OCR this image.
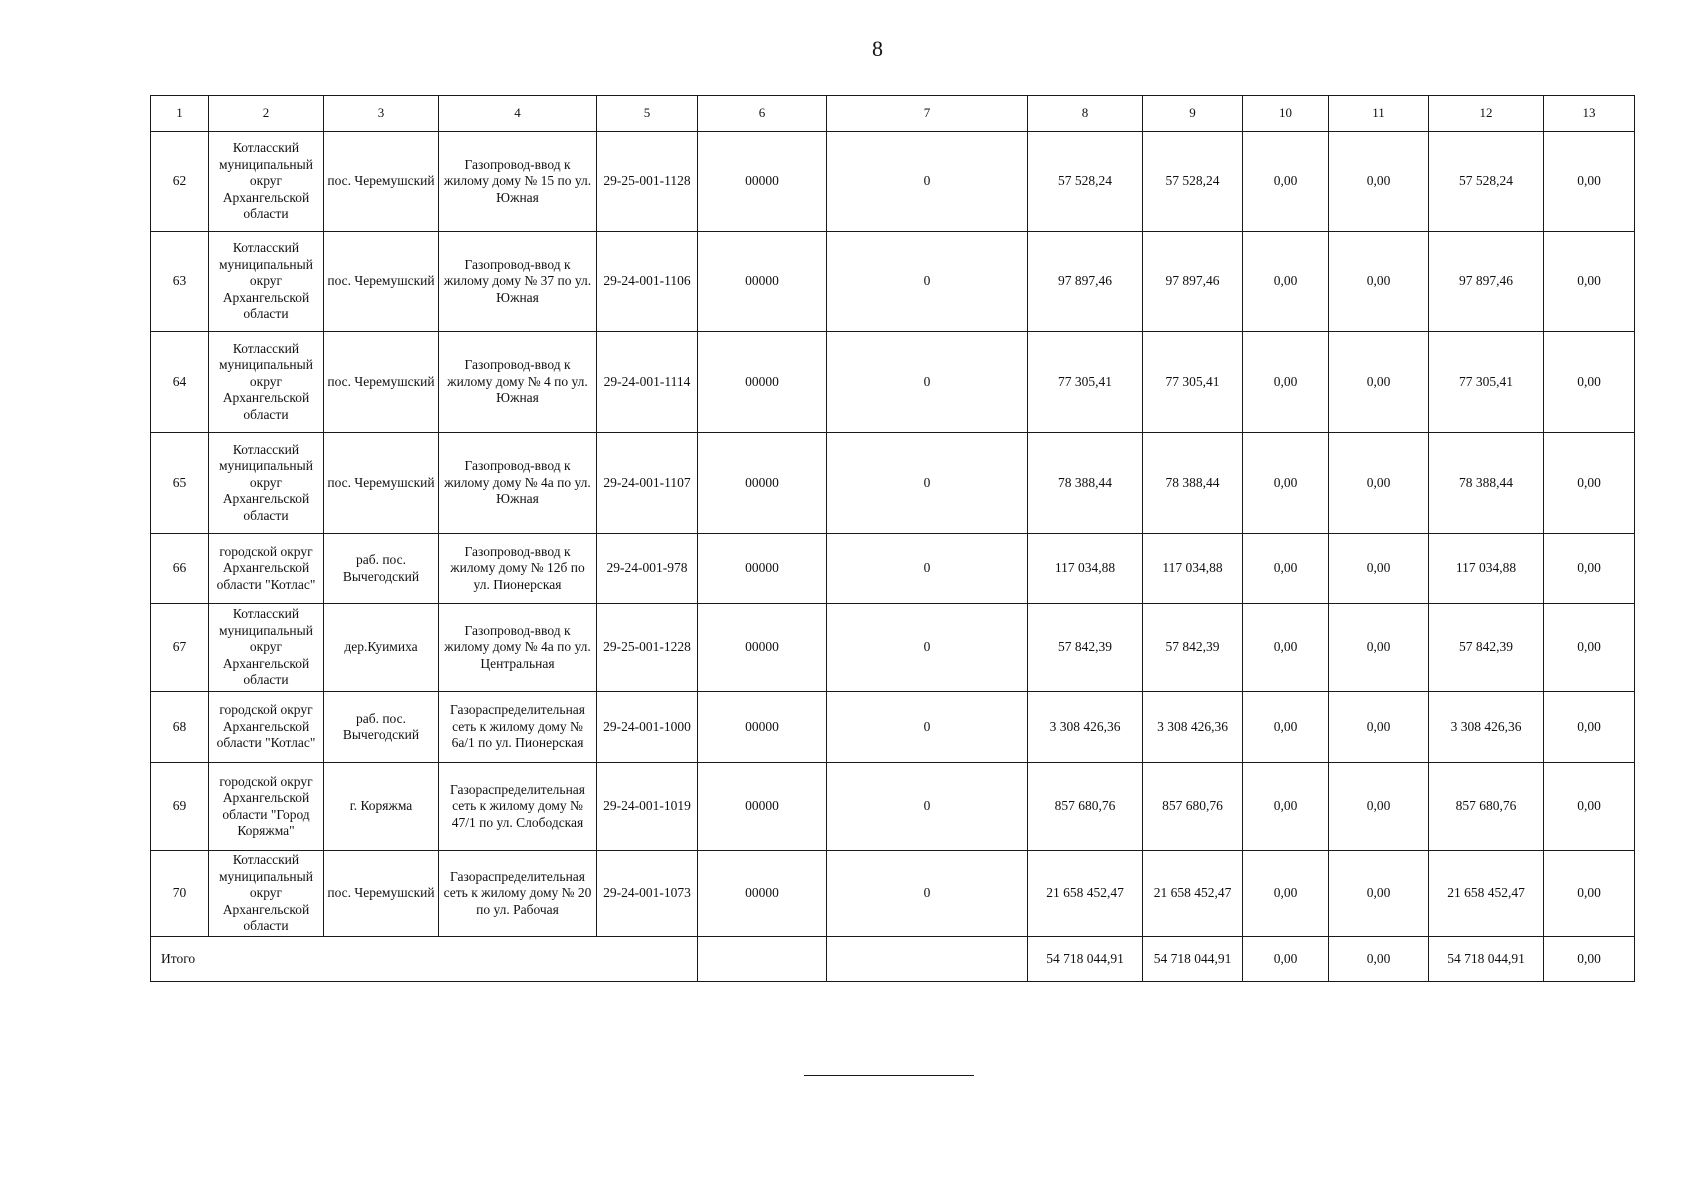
8
1	2	3	4	5	6	7	8	9	10	11	12	13
62	Котласский муниципальный округ Архангельской области	пос. Черемушский	Газопровод-ввод к жилому дому № 15 по ул. Южная	29-25-001-1128	00000	0	57 528,24	57 528,24	0,00	0,00	57 528,24	0,00
63	Котласский муниципальный округ Архангельской области	пос. Черемушский	Газопровод-ввод к жилому дому № 37 по ул. Южная	29-24-001-1106	00000	0	97 897,46	97 897,46	0,00	0,00	97 897,46	0,00
64	Котласский муниципальный округ Архангельской области	пос. Черемушский	Газопровод-ввод к жилому дому № 4 по ул. Южная	29-24-001-1114	00000	0	77 305,41	77 305,41	0,00	0,00	77 305,41	0,00
65	Котласский муниципальный округ Архангельской области	пос. Черемушский	Газопровод-ввод к жилому дому № 4а по ул. Южная	29-24-001-1107	00000	0	78 388,44	78 388,44	0,00	0,00	78 388,44	0,00
66	городской округ Архангельской области "Котлас"	раб. пос. Вычегодский	Газопровод-ввод к жилому дому № 12б по ул. Пионерская	29-24-001-978	00000	0	117 034,88	117 034,88	0,00	0,00	117 034,88	0,00
67	Котласский муниципальный округ Архангельской области	дер.Куимиха	Газопровод-ввод к жилому дому № 4а по ул. Центральная	29-25-001-1228	00000	0	57 842,39	57 842,39	0,00	0,00	57 842,39	0,00
68	городской округ Архангельской области "Котлас"	раб. пос. Вычегодский	Газораспределительная сеть к жилому дому № 6а/1 по ул. Пионерская	29-24-001-1000	00000	0	3 308 426,36	3 308 426,36	0,00	0,00	3 308 426,36	0,00
69	городской округ Архангельской области "Город Коряжма"	г. Коряжма	Газораспределительная сеть к жилому дому № 47/1 по ул. Слободская	29-24-001-1019	00000	0	857 680,76	857 680,76	0,00	0,00	857 680,76	0,00
70	Котласский муниципальный округ Архангельской области	пос. Черемушский	Газораспределительная сеть к жилому дому № 20 по ул. Рабочая	29-24-001-1073	00000	0	21 658 452,47	21 658 452,47	0,00	0,00	21 658 452,47	0,00
Итого							54 718 044,91	54 718 044,91	0,00	0,00	54 718 044,91	0,00
